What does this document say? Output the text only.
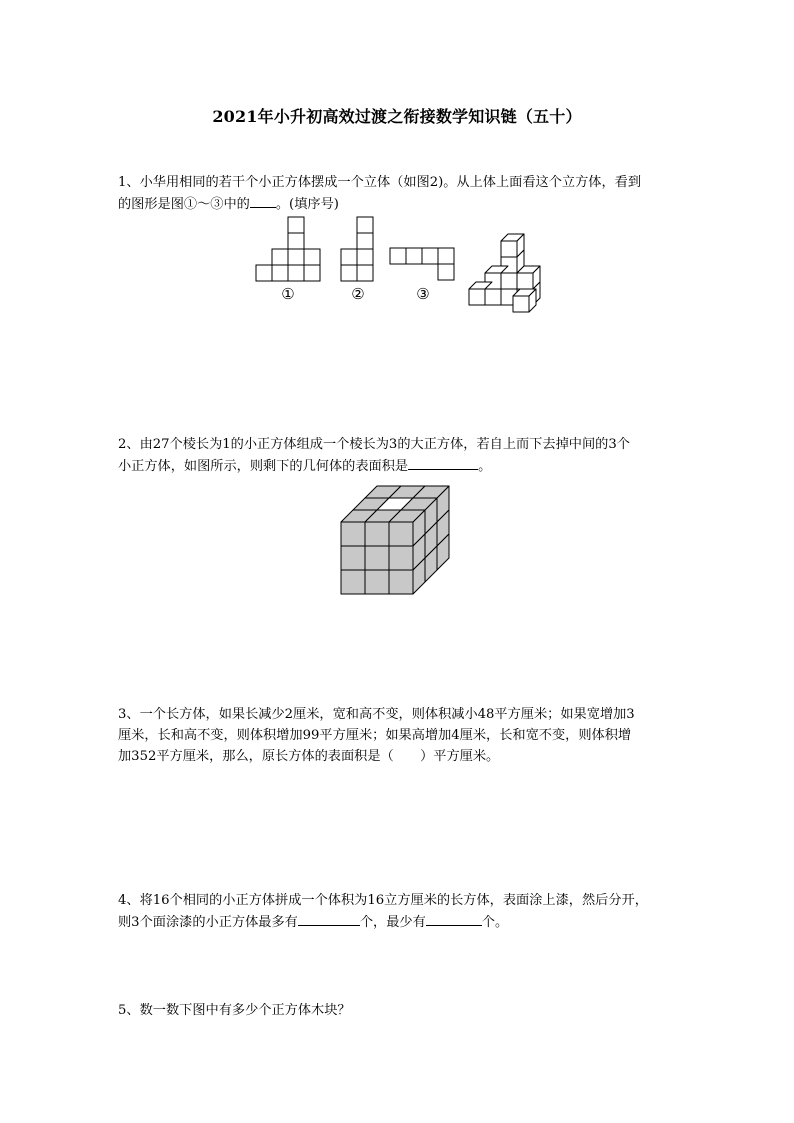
2021年小升初高效过渡之衔接数学知识链（五十）
1、小华用相同的若干个小正方体摆成一个立体（如图2)。从上体上面看这个立方体，看到
的图形是图①～③中的 。(填序号)
①	②	③
2、由27个棱长为1的小正方体组成一个棱长为3的大正方体，若自上而下去掉中间的3个
小正方体，如图所示，则剩下的几何体的表面积是	。
3、一个长方体，如果长减少2厘米，宽和高不变，则体积减小48平方厘米；如果宽增加3
厘米，长和高不变，则体积增加99平方厘米；如果高增加4厘米，长和宽不变，则体积增
加352平方厘米，那么，原长方体的表面积是（　　）平方厘米。
4、将16个相同的小正方体拼成一个体积为16立方厘米的长方体，表面涂上漆，然后分开，
则3个面涂漆的小正方体最多有	个，最少有	个。
5、数一数下图中有多少个正方体木块？
